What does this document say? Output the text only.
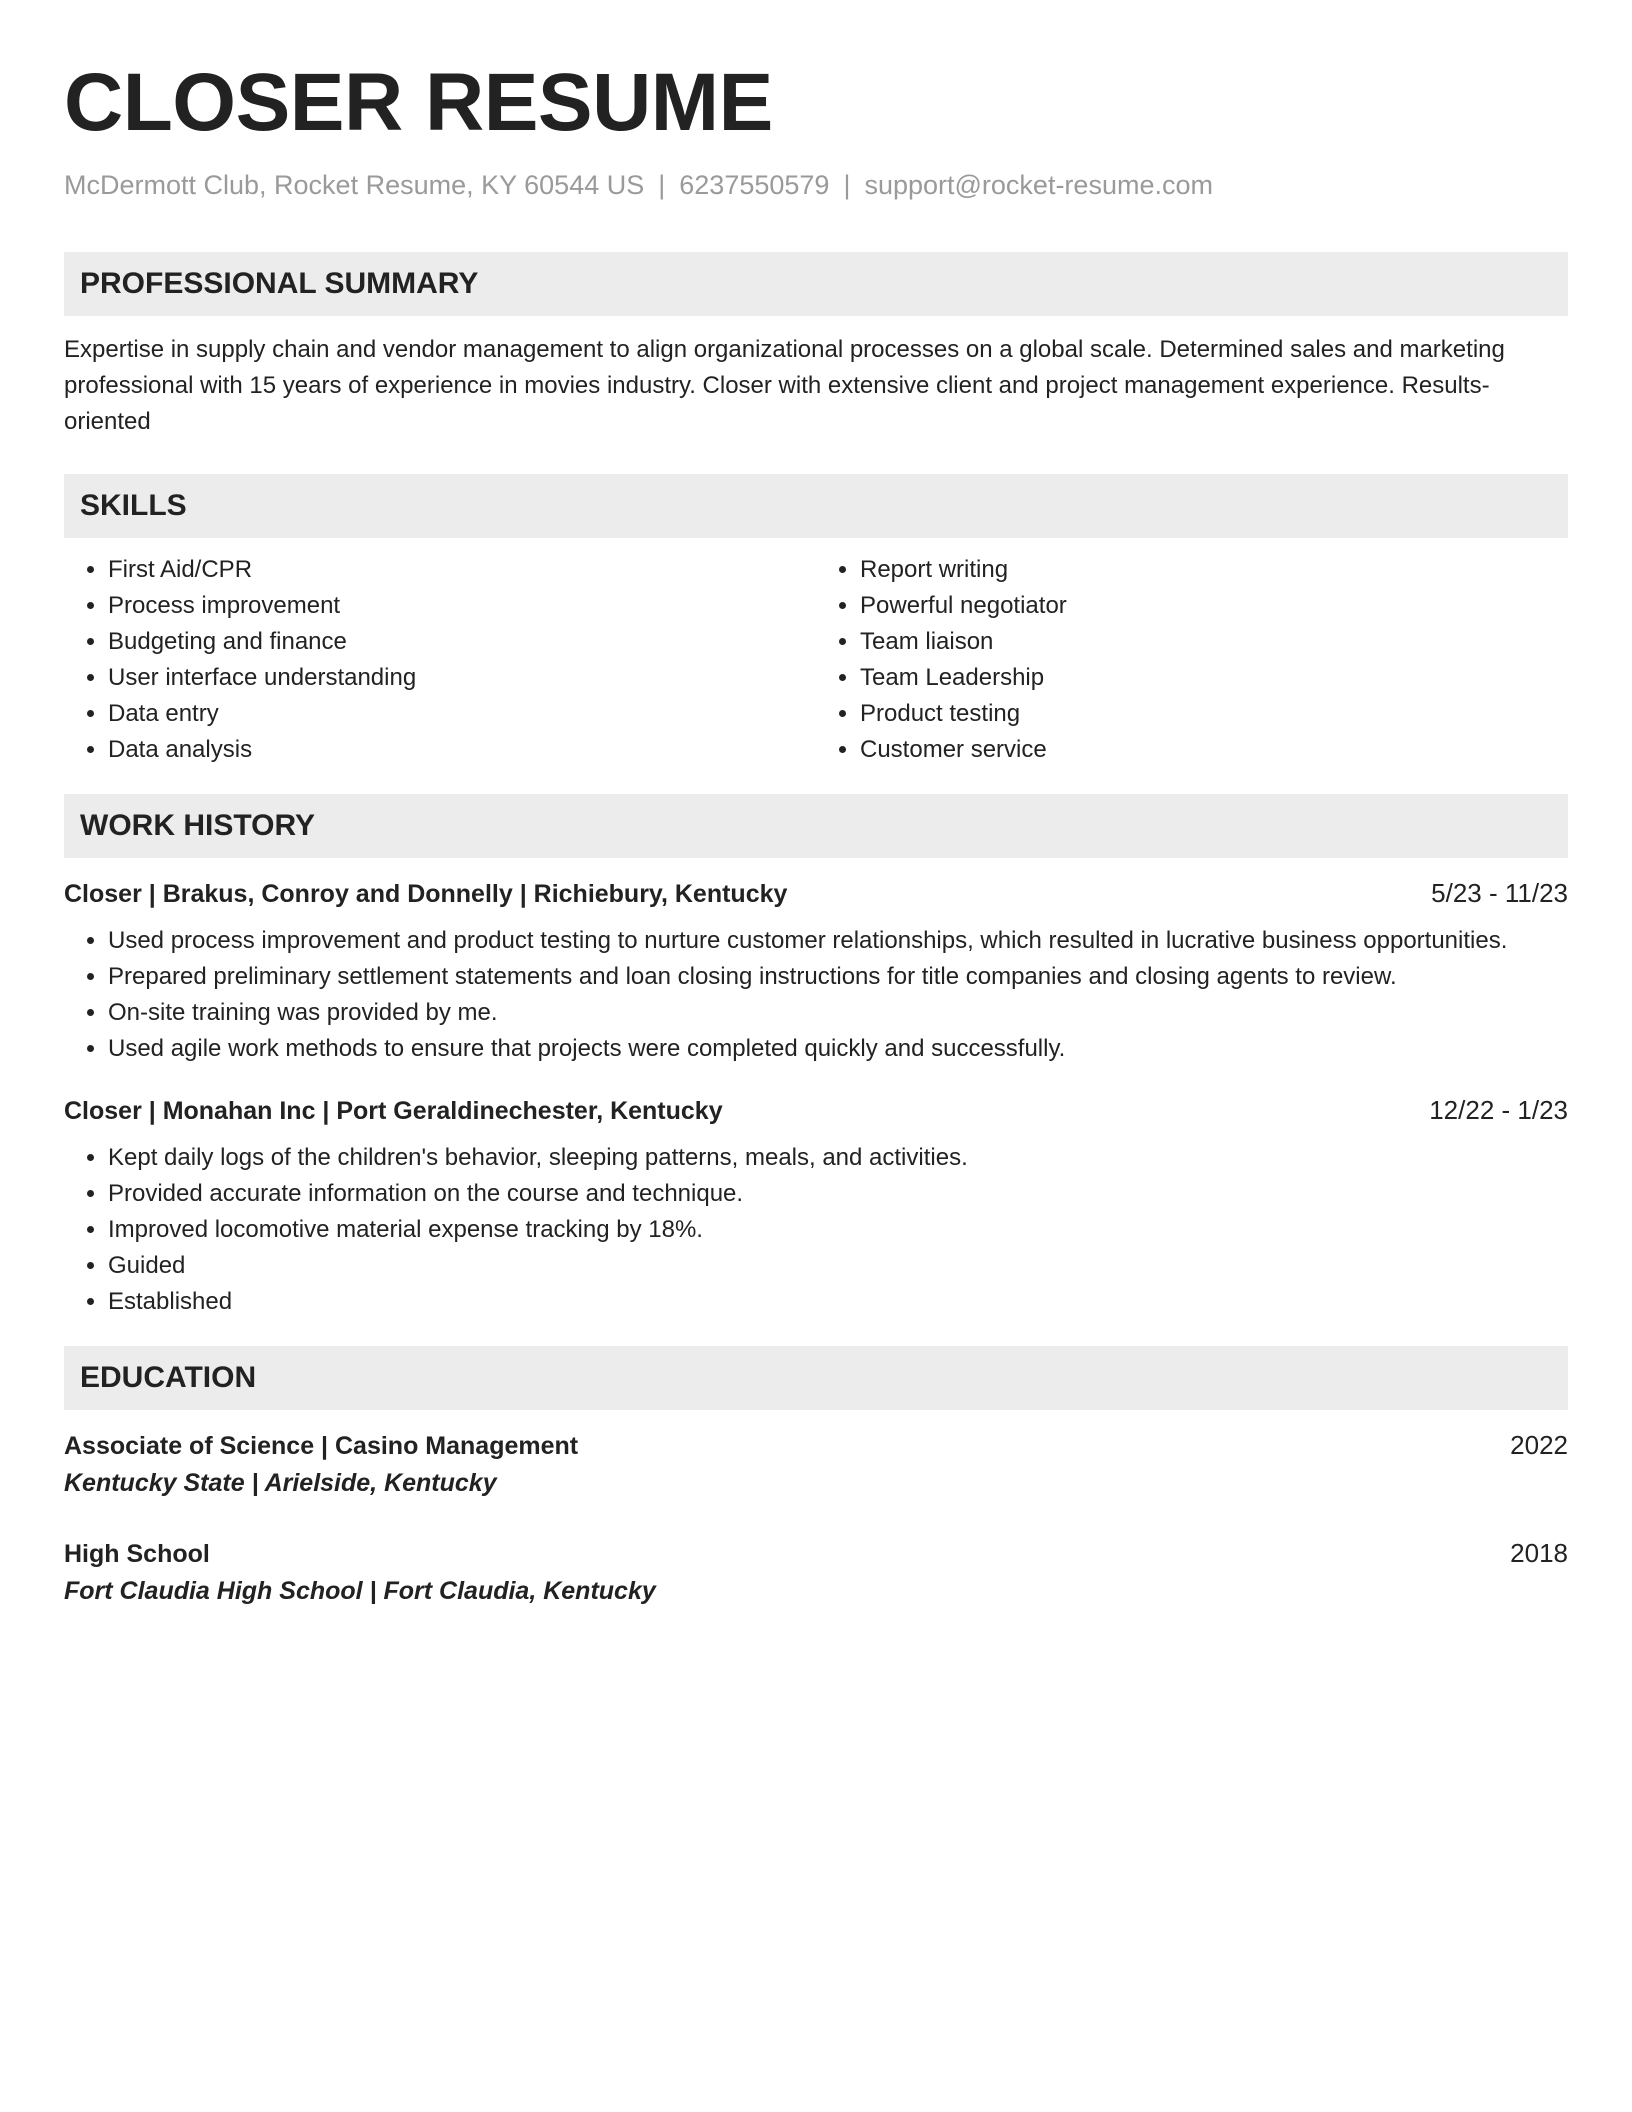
CLOSER RESUME
McDermott Club, Rocket Resume, KY 60544 US | 6237550579 | support@rocket-resume.com
PROFESSIONAL SUMMARY
Expertise in supply chain and vendor management to align organizational processes on a global scale. Determined sales and marketing professional with 15 years of experience in movies industry. Closer with extensive client and project management experience. Results-oriented
SKILLS
• First Aid/CPR
• Process improvement
• Budgeting and finance
• User interface understanding
• Data entry
• Data analysis
• Report writing
• Powerful negotiator
• Team liaison
• Team Leadership
• Product testing
• Customer service
WORK HISTORY
Closer | Brakus, Conroy and Donnelly | Richiebury, Kentucky	5/23 - 11/23
• Used process improvement and product testing to nurture customer relationships, which resulted in lucrative business opportunities.
• Prepared preliminary settlement statements and loan closing instructions for title companies and closing agents to review.
• On-site training was provided by me.
• Used agile work methods to ensure that projects were completed quickly and successfully.
Closer | Monahan Inc | Port Geraldinechester, Kentucky	12/22 - 1/23
• Kept daily logs of the children's behavior, sleeping patterns, meals, and activities.
• Provided accurate information on the course and technique.
• Improved locomotive material expense tracking by 18%.
• Guided
• Established
EDUCATION
Associate of Science | Casino Management	2022
Kentucky State | Arielside, Kentucky
High School	2018
Fort Claudia High School | Fort Claudia, Kentucky
